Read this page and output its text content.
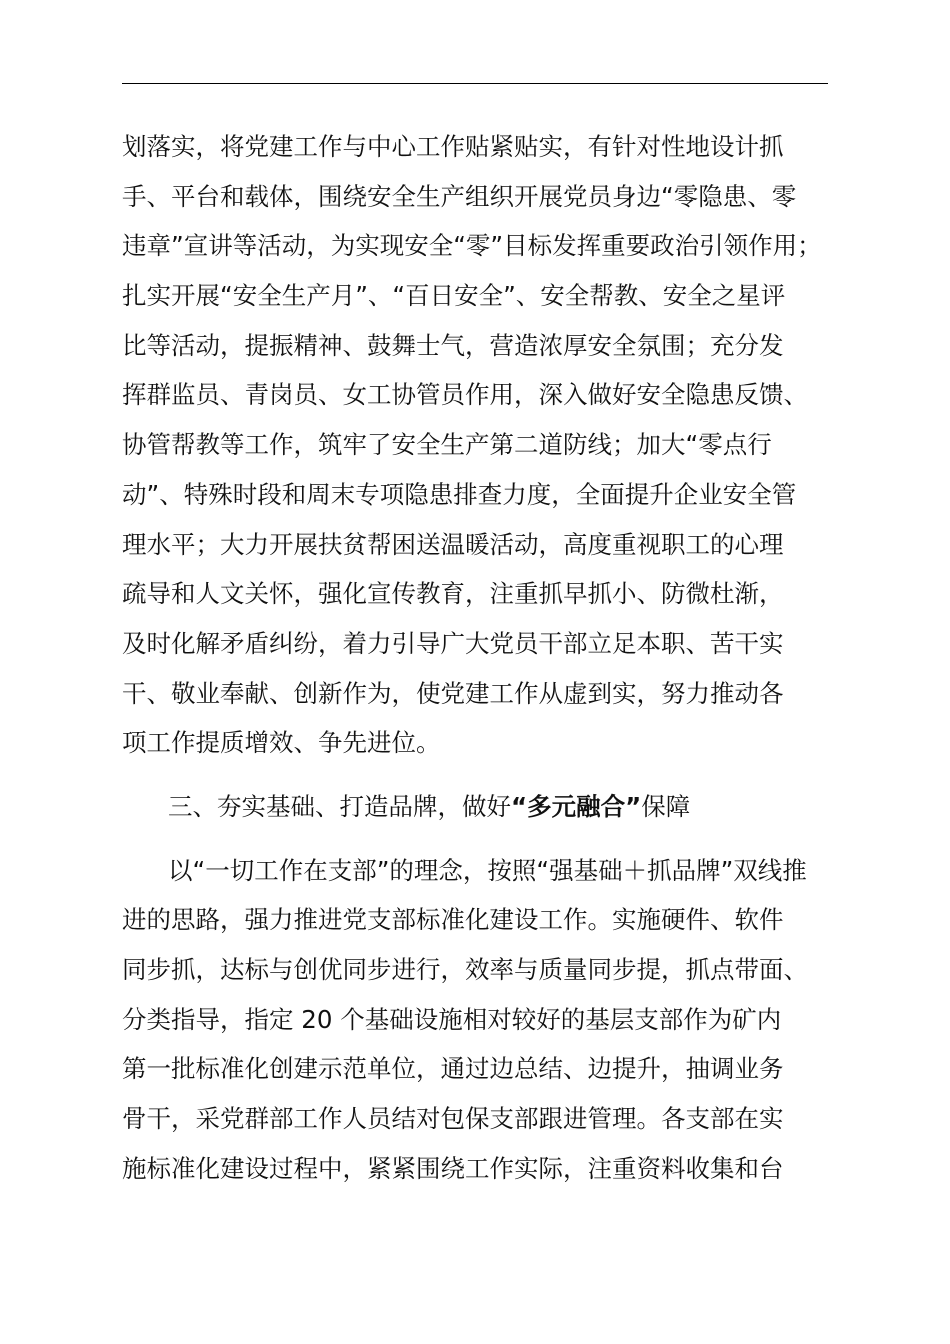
划落实，将党建工作与中心工作贴紧贴实，有针对性地设计抓
手、平台和载体，围绕安全生产组织开展党员身边“零隐患、零
违章”宣讲等活动，为实现安全“零”目标发挥重要政治引领作用；
扎实开展“安全生产月”、“百日安全”、安全帮教、安全之星评
比等活动，提振精神、鼓舞士气，营造浓厚安全氛围；充分发
挥群监员、青岗员、女工协管员作用，深入做好安全隐患反馈、
协管帮教等工作，筑牢了安全生产第二道防线；加大“零点行
动”、特殊时段和周末专项隐患排查力度，全面提升企业安全管
理水平；大力开展扶贫帮困送温暖活动，高度重视职工的心理
疏导和人文关怀，强化宣传教育，注重抓早抓小、防微杜渐，
及时化解矛盾纠纷，着力引导广大党员干部立足本职、苦干实
干、敬业奉献、创新作为，使党建工作从虚到实，努力推动各
项工作提质增效、争先进位。
三、夯实基础、打造品牌，做好“多元融合”保障
以“一切工作在支部”的理念，按照“强基础＋抓品牌”双线推
进的思路，强力推进党支部标准化建设工作。实施硬件、软件
同步抓，达标与创优同步进行，效率与质量同步提，抓点带面、
分类指导，指定 20 个基础设施相对较好的基层支部作为矿内
第一批标准化创建示范单位，通过边总结、边提升，抽调业务
骨干，采党群部工作人员结对包保支部跟进管理。各支部在实
施标准化建设过程中，紧紧围绕工作实际，注重资料收集和台
